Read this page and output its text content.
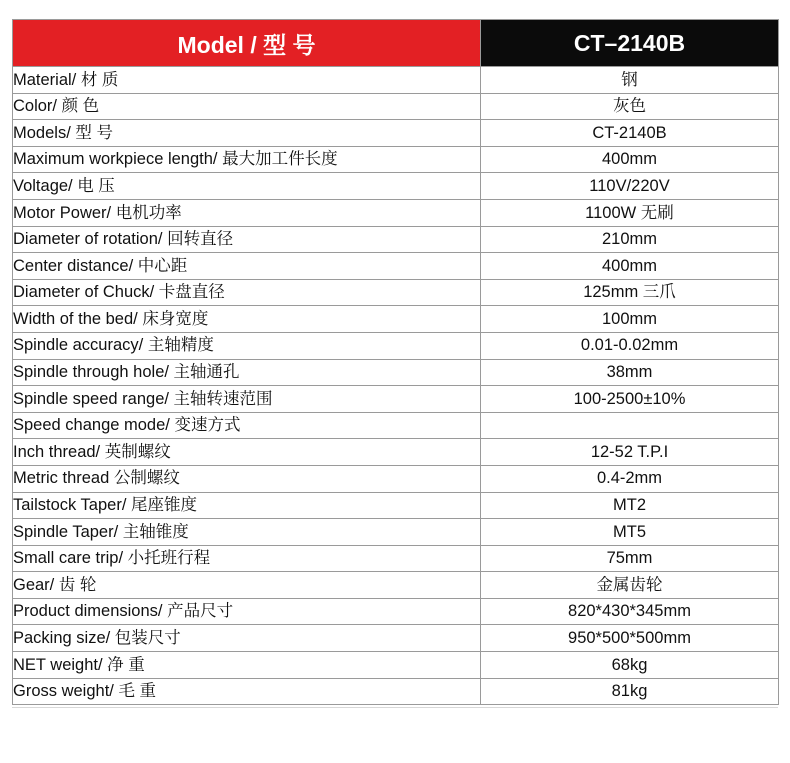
Model / 型 号	CT–2140B
Material/ 材 质	钢
Color/ 颜 色	灰色
Models/ 型 号	CT-2140B
Maximum workpiece length/ 最大加工件长度	400mm
Voltage/ 电 压	110V/220V
Motor Power/ 电机功率	1100W 无刷
Diameter of rotation/ 回转直径	210mm
Center distance/ 中心距	400mm
Diameter of Chuck/ 卡盘直径	125mm 三爪
Width of the bed/ 床身宽度	100mm
Spindle accuracy/ 主轴精度	0.01-0.02mm
Spindle through hole/ 主轴通孔	38mm
Spindle speed range/ 主轴转速范围	100-2500±10%
Speed change mode/ 变速方式	
Inch thread/ 英制螺纹	12-52 T.P.I
Metric thread 公制螺纹	0.4-2mm
Tailstock Taper/ 尾座锥度	MT2
Spindle Taper/ 主轴锥度	MT5
Small care trip/ 小托班行程	75mm
Gear/ 齿 轮	金属齿轮
Product dimensions/ 产品尺寸	820*430*345mm
Packing size/ 包装尺寸	950*500*500mm
NET weight/ 净 重	68kg
Gross weight/ 毛 重	81kg
